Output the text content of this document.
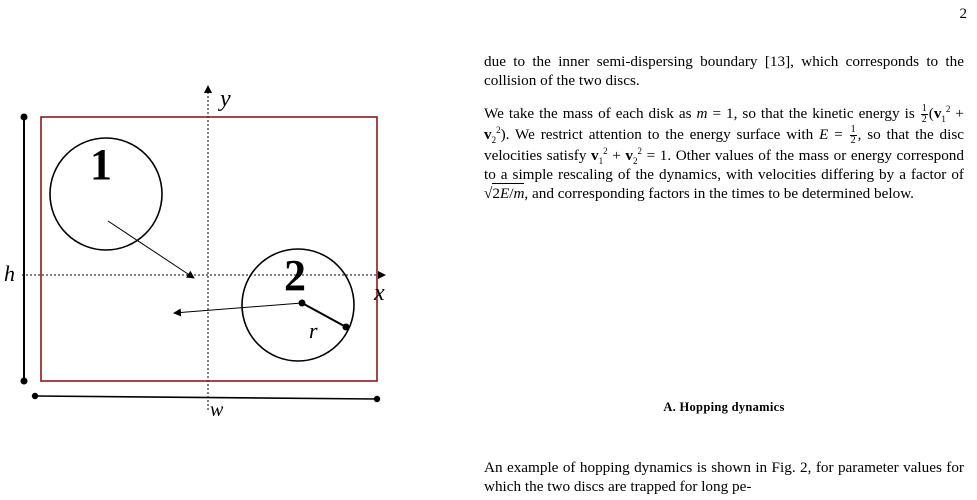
2
y
x
h
w
1
2
r

due to the inner semi-dispersing boundary [13], which corresponds to the collision of the two discs.

We take the mass of each disk as m = 1, so that the kinetic energy is $\frac{1}{2} (v_1^2 + v_2^2)$. We restrict attention to the energy surface with $E = \frac{1}{2}$ , so that the disc velocities satisfy $v_1^2 + v_2^2 = 1$. Other values of the mass or energy correspond to a simple rescaling of the dynamics, with velocities differing by a factor of √2E/m, and corresponding factors in the times to be determined below.

A. Hopping dynamics
An example of hopping dynamics is shown in Fig. 2, for parameter values for which the two discs are trapped for long pe-
